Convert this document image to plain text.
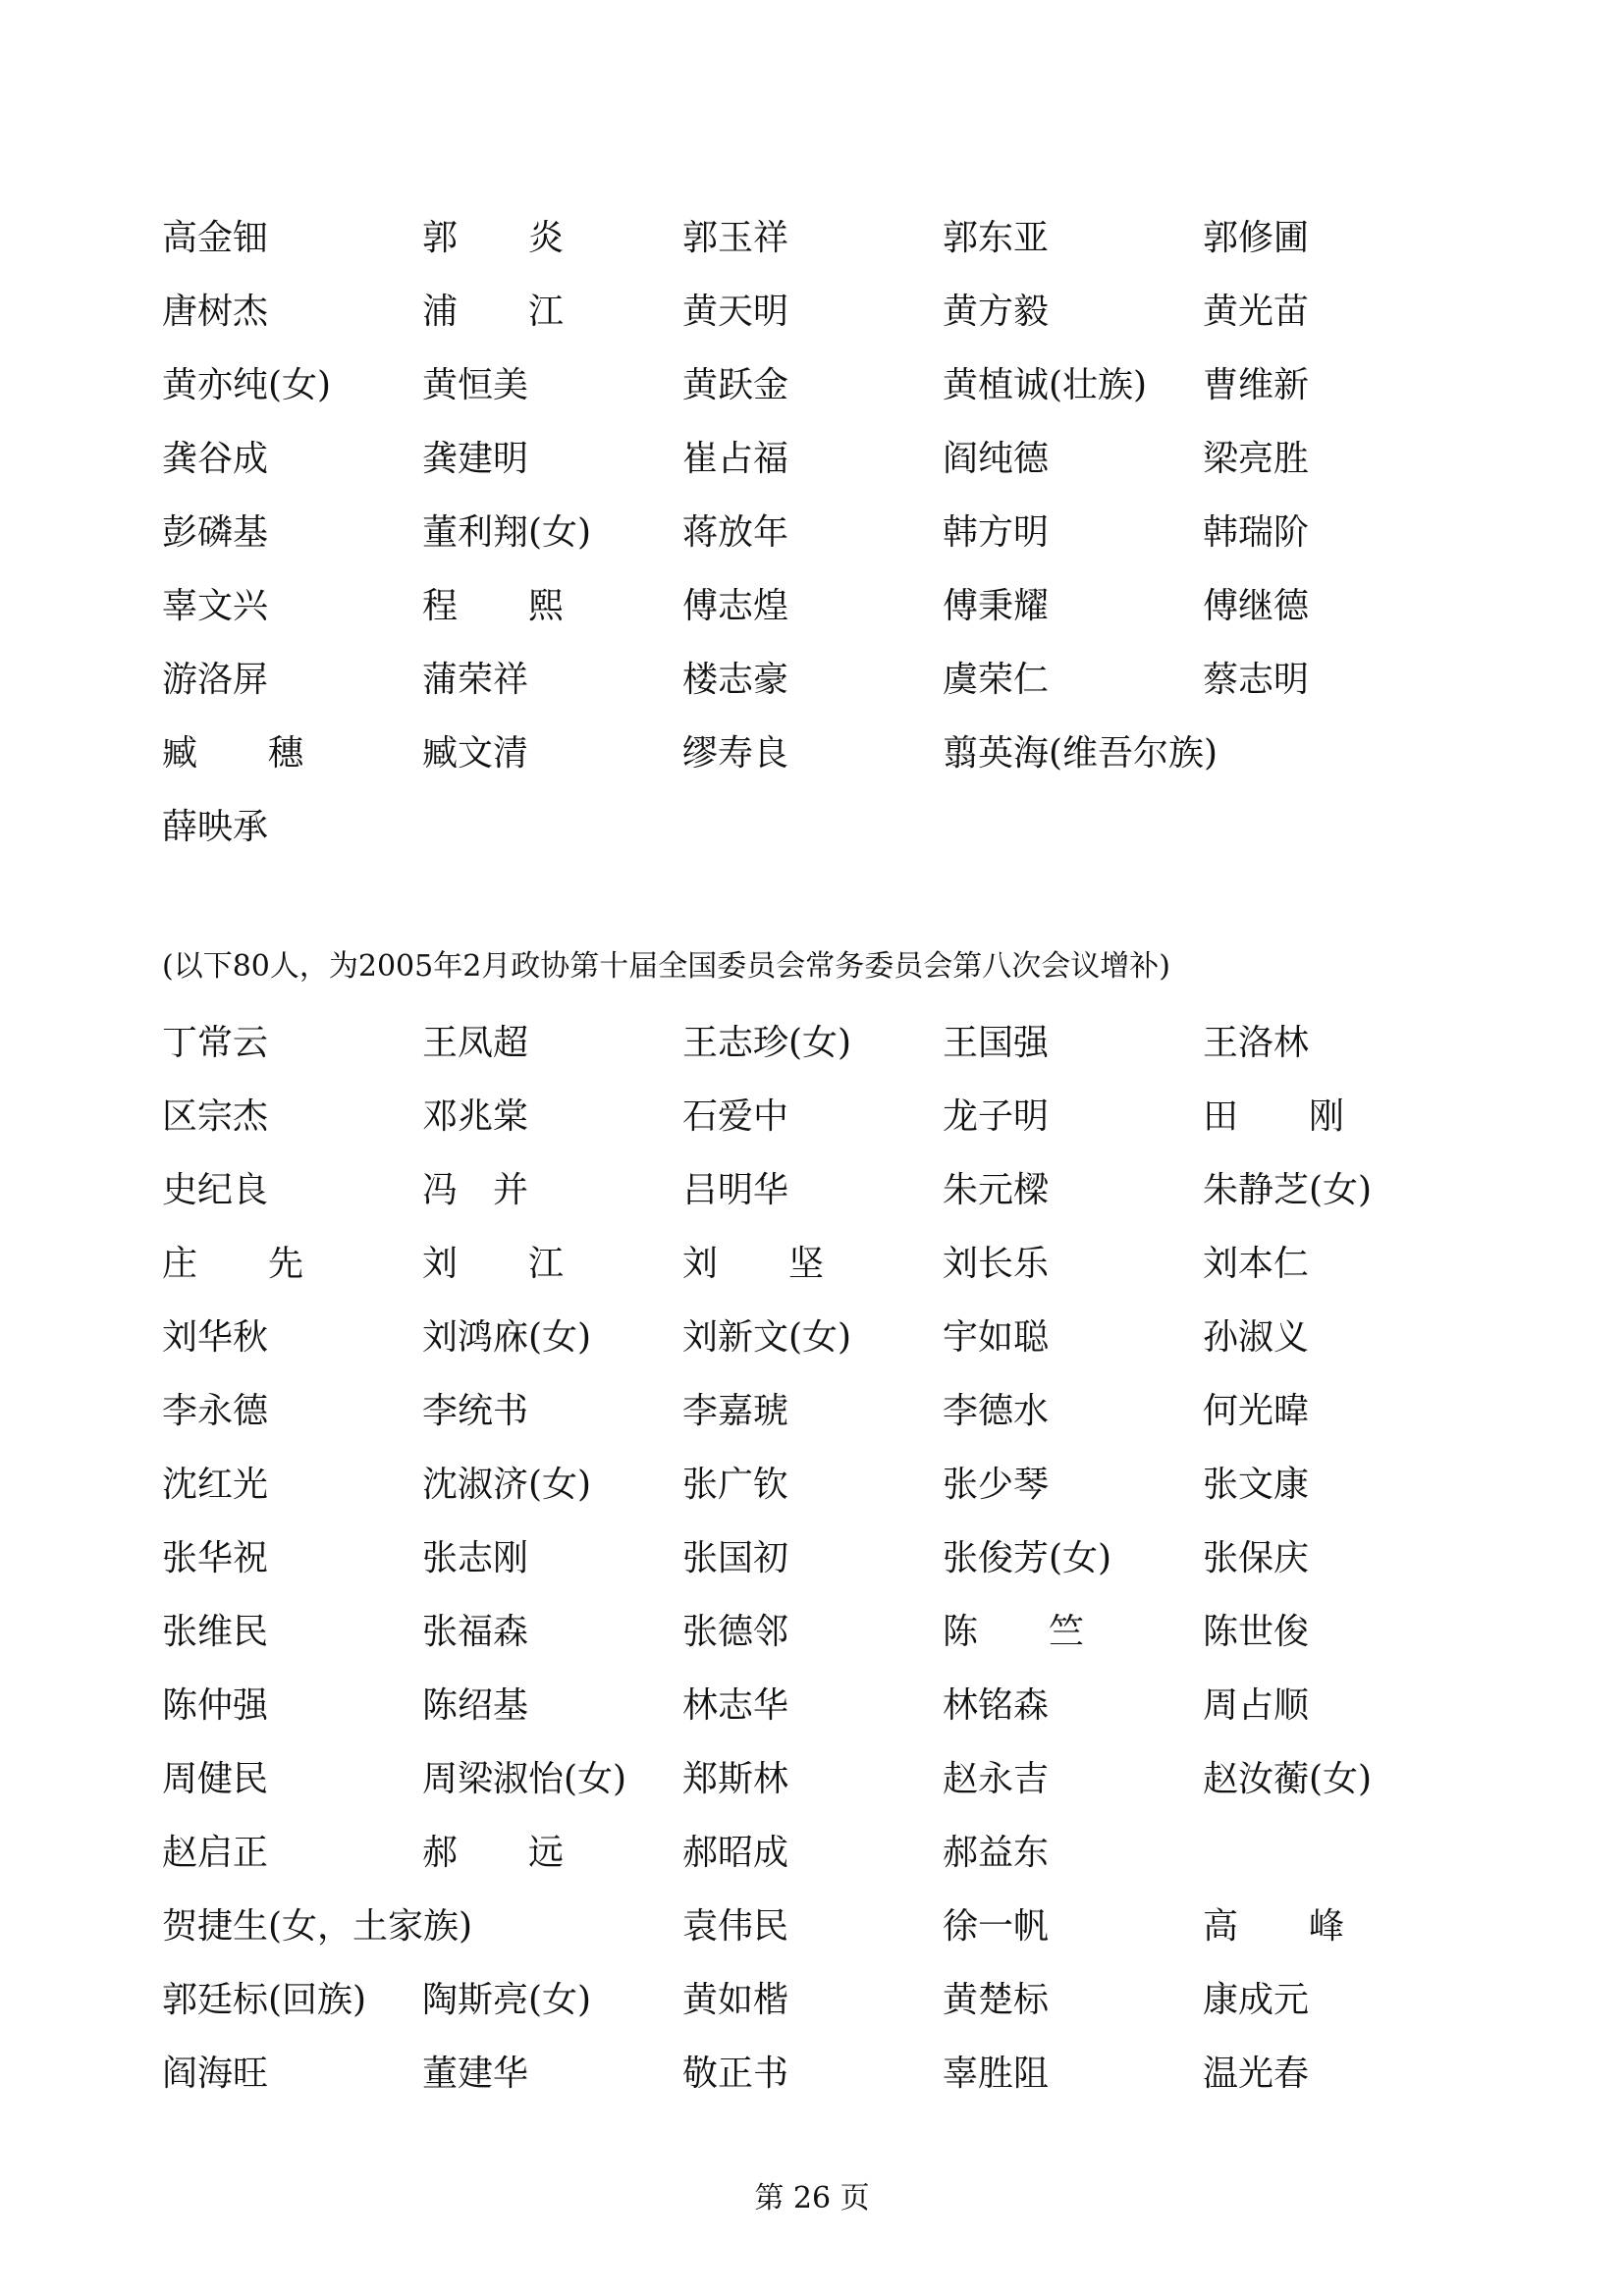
高金钿	郭　　炎	郭玉祥	郭东亚	郭修圃
唐树杰	浦　　江	黄天明	黄方毅	黄光苗
黄亦纯(女)	黄恒美	黄跃金	黄植诚(壮族)	曹维新
龚谷成	龚建明	崔占福	阎纯德	梁亮胜
彭磷基	董利翔(女)	蒋放年	韩方明	韩瑞阶
辜文兴	程　　熙	傅志煌	傅秉耀	傅继德
游洛屏	蒲荣祥	楼志豪	虞荣仁	蔡志明
臧　　穗	臧文清	缪寿良	翦英海(维吾尔族)
薛映承
(以下80人，为2005年2月政协第十届全国委员会常务委员会第八次会议增补)
丁常云	王凤超	王志珍(女)	王国强	王洛林
区宗杰	邓兆棠	石爱中	龙子明	田　　刚
史纪良	冯　并	吕明华	朱元樑	朱静芝(女)
庄　　先	刘　　江	刘　　坚	刘长乐	刘本仁
刘华秋	刘鸿庥(女)	刘新文(女)	宇如聪	孙淑义
李永德	李统书	李嘉琥	李德水	何光暐
沈红光	沈淑济(女)	张广钦	张少琴	张文康
张华祝	张志刚	张国初	张俊芳(女)	张保庆
张维民	张福森	张德邻	陈　　竺	陈世俊
陈仲强	陈绍基	林志华	林铭森	周占顺
周健民	周梁淑怡(女)	郑斯林	赵永吉	赵汝蘅(女)
赵启正	郝　　远	郝昭成	郝益东
贺捷生(女，土家族)	袁伟民	徐一帆	高　　峰
郭廷标(回族)	陶斯亮(女)	黄如楷	黄楚标	康成元
阎海旺	董建华	敬正书	辜胜阻	温光春
第 26 页
